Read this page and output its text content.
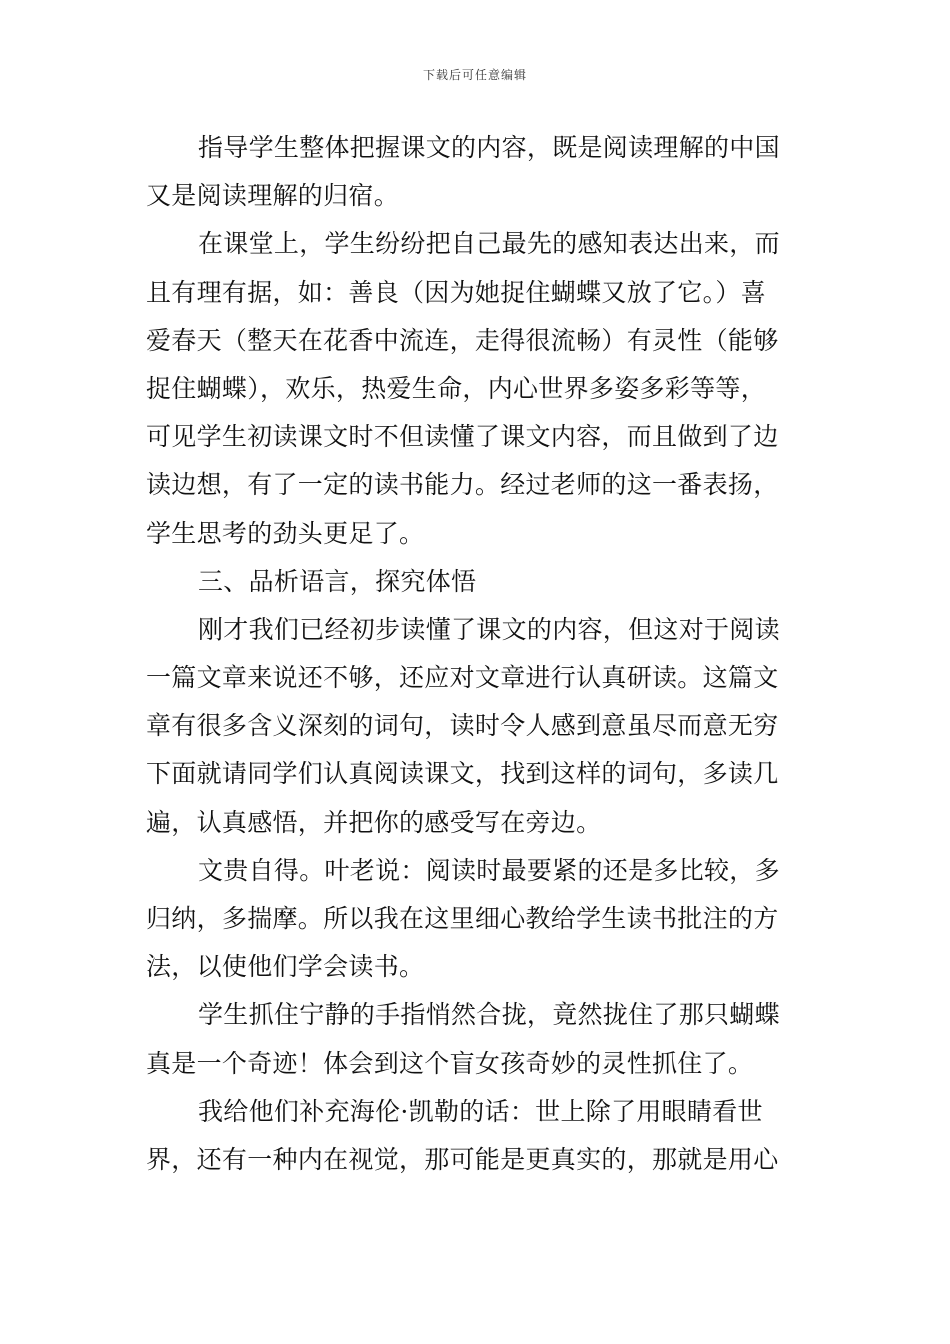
下载后可任意编辑
指导学生整体把握课文的内容，既是阅读理解的中国
又是阅读理解的归宿。
在课堂上，学生纷纷把自己最先的感知表达出来，而
且有理有据，如：善良（因为她捉住蝴蝶又放了它。）喜
爱春天（整天在花香中流连，走得很流畅）有灵性（能够
捉住蝴蝶），欢乐，热爱生命，内心世界多姿多彩等等，
可见学生初读课文时不但读懂了课文内容，而且做到了边
读边想，有了一定的读书能力。经过老师的这一番表扬，
学生思考的劲头更足了。
三、品析语言，探究体悟
刚才我们已经初步读懂了课文的内容，但这对于阅读
一篇文章来说还不够，还应对文章进行认真研读。这篇文
章有很多含义深刻的词句，读时令人感到意虽尽而意无穷
下面就请同学们认真阅读课文，找到这样的词句，多读几
遍，认真感悟，并把你的感受写在旁边。
文贵自得。叶老说：阅读时最要紧的还是多比较，多
归纳，多揣摩。所以我在这里细心教给学生读书批注的方
法，以使他们学会读书。
学生抓住宁静的手指悄然合拢，竟然拢住了那只蝴蝶
真是一个奇迹！体会到这个盲女孩奇妙的灵性抓住了。
我给他们补充海伦·凯勒的话：世上除了用眼睛看世
界，还有一种内在视觉，那可能是更真实的，那就是用心
